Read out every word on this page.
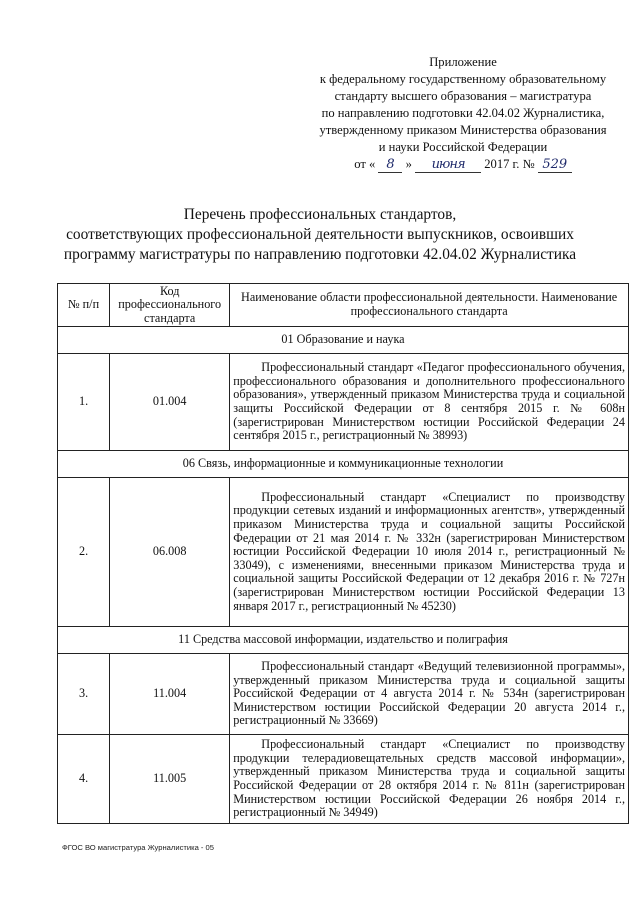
Приложение
к федеральному государственному образовательному
стандарту высшего образования – магистратура
по направлению подготовки 42.04.02 Журналистика,
утвержденному приказом Министерства образования
и науки Российской Федерации
от « 8 » июня 2017 г. № 529
Перечень профессиональных стандартов,
соответствующих профессиональной деятельности выпускников, освоивших
программу магистратуры по направлению подготовки 42.04.02 Журналистика
№ п/п	Код профессионального стандарта	Наименование области профессиональной деятельности. Наименование профессионального стандарта
01 Образование и наука		
1.	01.004	Профессиональный стандарт «Педагог профессионального обучения, профессионального образования и дополнительного профессионального образования», утвержденный приказом Министерства труда и социальной защиты Российской Федерации от 8 сентября 2015 г. № 608н (зарегистрирован Министерством юстиции Российской Федерации 24 сентября 2015 г., регистрационный № 38993)
06 Связь, информационные и коммуникационные технологии		
2.	06.008	Профессиональный стандарт «Специалист по производству продукции сетевых изданий и информационных агентств», утвержденный приказом Министерства труда и социальной защиты Российской Федерации от 21 мая 2014 г. № 332н (зарегистрирован Министерством юстиции Российской Федерации 10 июля 2014 г., регистрационный № 33049), с изменениями, внесенными приказом Министерства труда и социальной защиты Российской Федерации от 12 декабря 2016 г. № 727н (зарегистрирован Министерством юстиции Российской Федерации 13 января 2017 г., регистрационный № 45230)
11 Средства массовой информации, издательство и полиграфия		
3.	11.004	Профессиональный стандарт «Ведущий телевизионной программы», утвержденный приказом Министерства труда и социальной защиты Российской Федерации от 4 августа 2014 г. № 534н (зарегистрирован Министерством юстиции Российской Федерации 20 августа 2014 г., регистрационный № 33669)
4.	11.005	Профессиональный стандарт «Специалист по производству продукции телерадиовещательных средств массовой информации», утвержденный приказом Министерства труда и социальной защиты Российской Федерации от 28 октября 2014 г. № 811н (зарегистрирован Министерством юстиции Российской Федерации 26 ноября 2014 г., регистрационный № 34949)
ФГОС ВО магистратура Журналистика - 05
